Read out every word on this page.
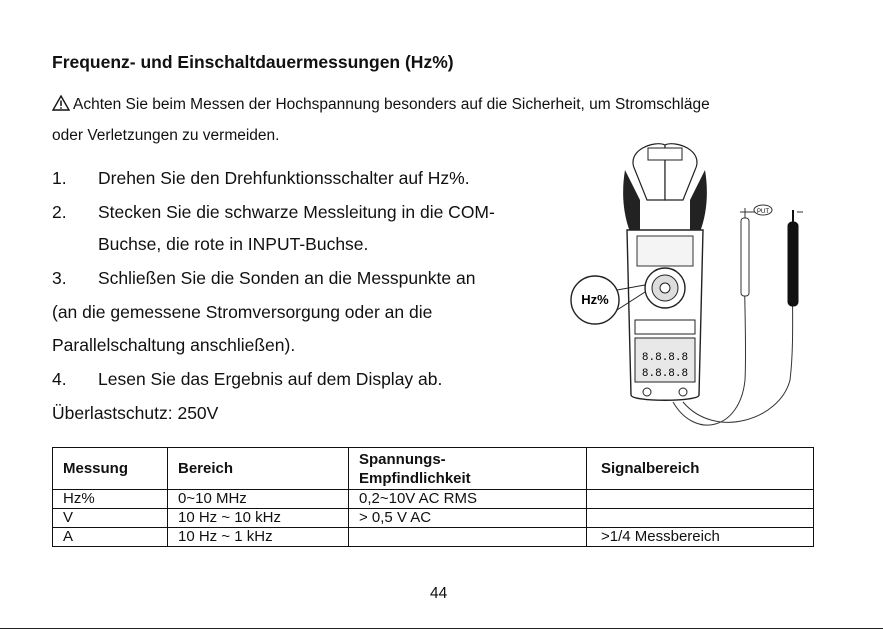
Frequenz- und Einschaltdauermessungen (Hz%)
Achten Sie beim Messen der Hochspannung besonders auf die Sicherheit, um Stromschläge
oder Verletzungen zu vermeiden.
1. Drehen Sie den Drehfunktionsschalter auf Hz%.
2. Stecken Sie die schwarze Messleitung in die COM-
Buchse, die rote in INPUT-Buchse.
3. Schließen Sie die Sonden an die Messpunkte an
(an die gemessene Stromversorgung oder an die
Parallelschaltung anschließen).
4. Lesen Sie das Ergebnis auf dem Display ab.
Überlastschutz: 250V
PUT
8.8.8.8
8.8.8.8
Hz%
Messung	Bereich	Spannungs-
Empfindlichkeit	Signalbereich
Hz%	0~10 MHz	0,2~10V AC RMS	
V	10 Hz ~ 10 kHz	> 0,5 V AC	
A	10 Hz ~ 1 kHz		>1/4 Messbereich
44
